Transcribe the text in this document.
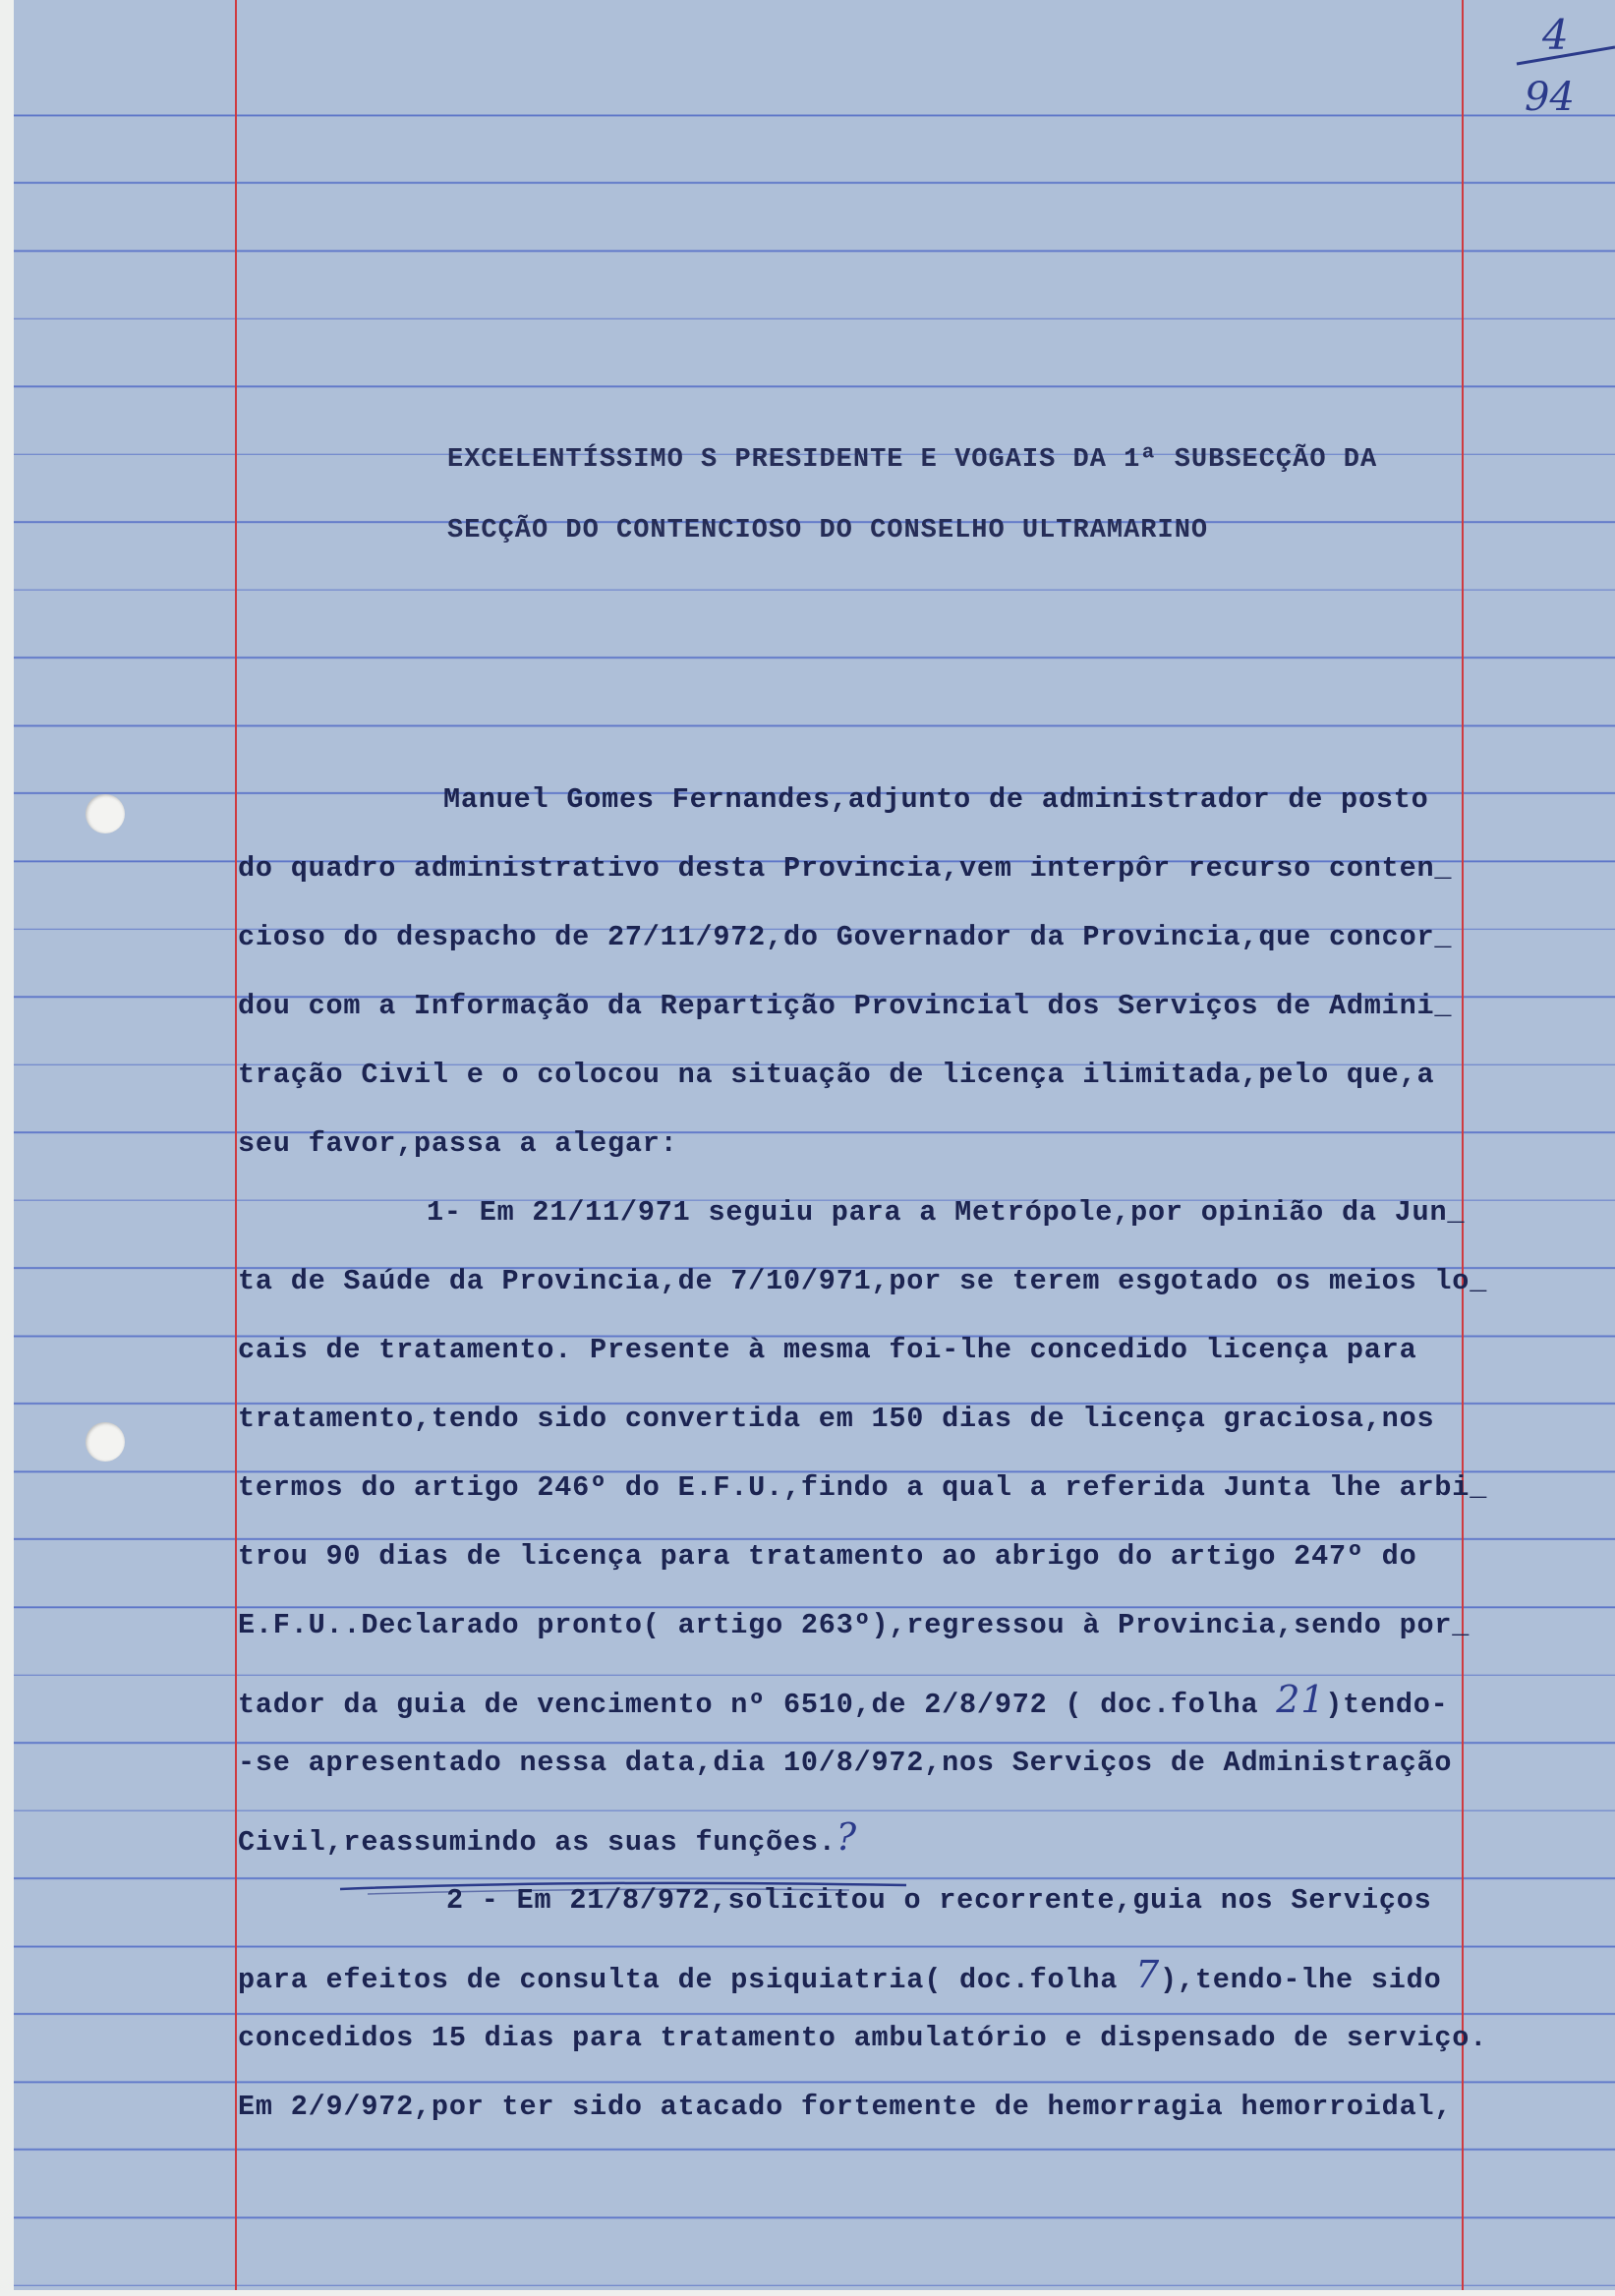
4
94
EXCELENTÍSSIMO S PRESIDENTE E VOGAIS DA 1ª SUBSECÇÃO DA
SECÇÃO DO CONTENCIOSO DO CONSELHO ULTRAMARINO
Manuel Gomes Fernandes,adjunto de administrador de posto
do quadro administrativo desta Provincia,vem interpôr recurso conten_
cioso do despacho de 27/11/972,do Governador da Provincia,que concor_
dou com a Informação da Repartição Provincial dos Serviços de Admini_
tração Civil e o colocou na situação de licença ilimitada,pelo que,a
seu favor,passa a alegar:
1- Em 21/11/971 seguiu para a Metrópole,por opinião da Jun_
ta de Saúde da Provincia,de 7/10/971,por se terem esgotado os meios lo_
cais de tratamento. Presente à mesma foi-lhe concedido licença para
tratamento,tendo sido convertida em 150 dias de licença graciosa,nos
termos do artigo 246º do E.F.U.,findo a qual a referida Junta lhe arbi_
trou 90 dias de licença para tratamento ao abrigo do artigo 247º do
E.F.U..Declarado pronto( artigo 263º),regressou à Provincia,sendo por_
tador da guia de vencimento nº 6510,de 2/8/972 ( doc.folha 21)tendo-
-se apresentado nessa data,dia 10/8/972,nos Serviços de Administração
Civil,reassumindo as suas funções.?
2 - Em 21/8/972,solicitou o recorrente,guia nos Serviços
para efeitos de consulta de psiquiatria( doc.folha 7),tendo-lhe sido
concedidos 15 dias para tratamento ambulatório e dispensado de serviço.
Em 2/9/972,por ter sido atacado fortemente de hemorragia hemorroidal,
